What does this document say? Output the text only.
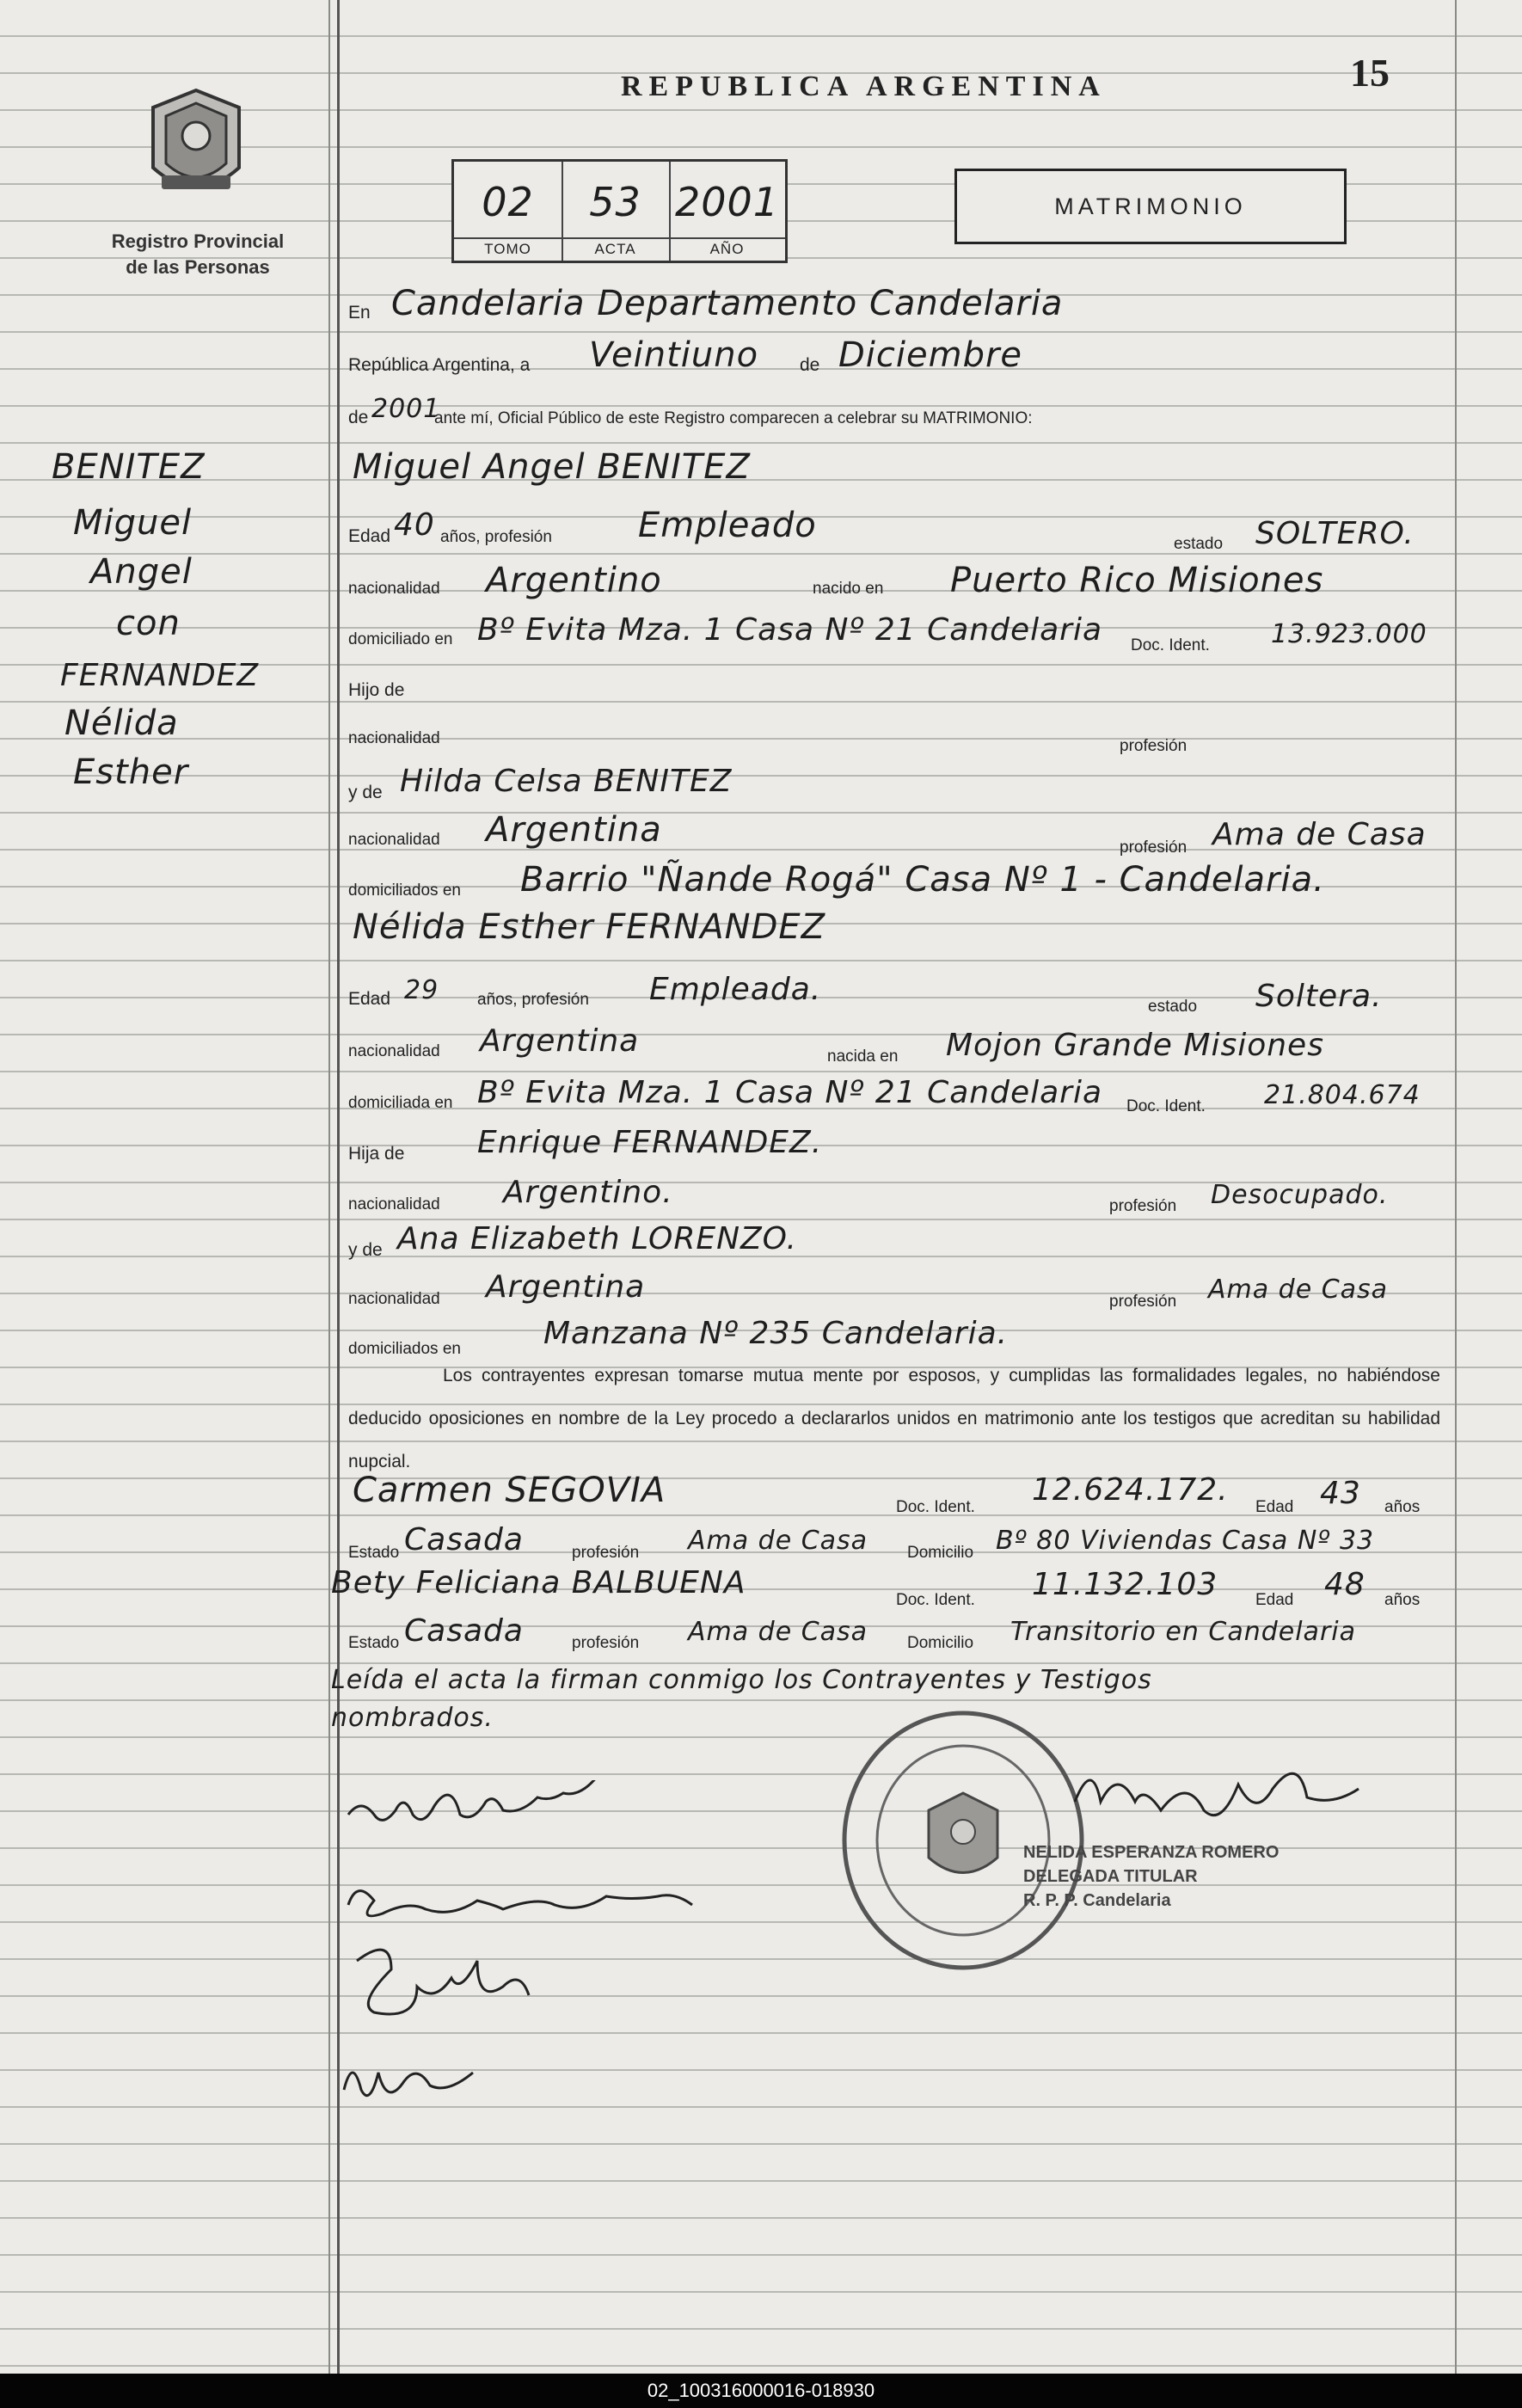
Registro Provincial
de las Personas
REPUBLICA ARGENTINA	15
02
TOMO
53
ACTA
2001
AÑO
MATRIMONIO
BENITEZ
Miguel
Angel
con
FERNANDEZ
Nélida
Esther
En Candelaria Departamento Candelaria
República Argentina, a Veintiuno de Diciembre
de 2001
ante mí, Oficial Público de este Registro comparecen a celebrar su MATRIMONIO:
Miguel Angel BENITEZ
Edad 40 años, profesión	Empleado	estado SOLTERO.
nacionalidad Argentino	nacido en Puerto Rico Misiones
domiciliado en Bº Evita Mza. 1 Casa Nº 21 Candelaria Doc. Ident. 13.923.000
Hijo de
nacionalidad	profesión
y de Hilda Celsa BENITEZ
nacionalidad Argentina	profesión Ama de Casa
domiciliados en Barrio "Ñande Rogá" Casa Nº 1 - Candelaria.
Nélida Esther FERNANDEZ
Edad 29 años, profesión Empleada.	estado Soltera.
nacionalidad Argentina	nacida en Mojon Grande Misiones
domiciliada en Bº Evita Mza. 1 Casa Nº 21 Candelaria Doc. Ident. 21.804.674
Hija de Enrique FERNANDEZ.
nacionalidad Argentino.	profesión Desocupado.
y de Ana Elizabeth LORENZO.
nacionalidad Argentina	profesión Ama de Casa
domiciliados en	Manzana Nº 235 Candelaria.
Los contrayentes expresan tomarse mutua mente por esposos, y cumplidas las formalidades legales, no habiéndose deducido oposiciones en nombre de la Ley procedo a declararlos unidos en matrimonio ante los testigos que acreditan su habilidad nupcial.
Carmen SEGOVIA	Doc. Ident. 12.624.172. Edad 43 años
Estado Casada	profesión Ama de Casa Domicilio Bº 80 Viviendas Casa Nº 33
Bety Feliciana BALBUENA	Doc. Ident. 11.132.103 Edad 48 años
Estado Casada	profesión Ama de Casa Domicilio Transitorio en Candelaria
Leída el acta la firman conmigo los Contrayentes y Testigos
nombrados.
NELIDA ESPERANZA ROMERO
DELEGADA TITULAR
R. P. P. Candelaria
02_100316000016-018930
